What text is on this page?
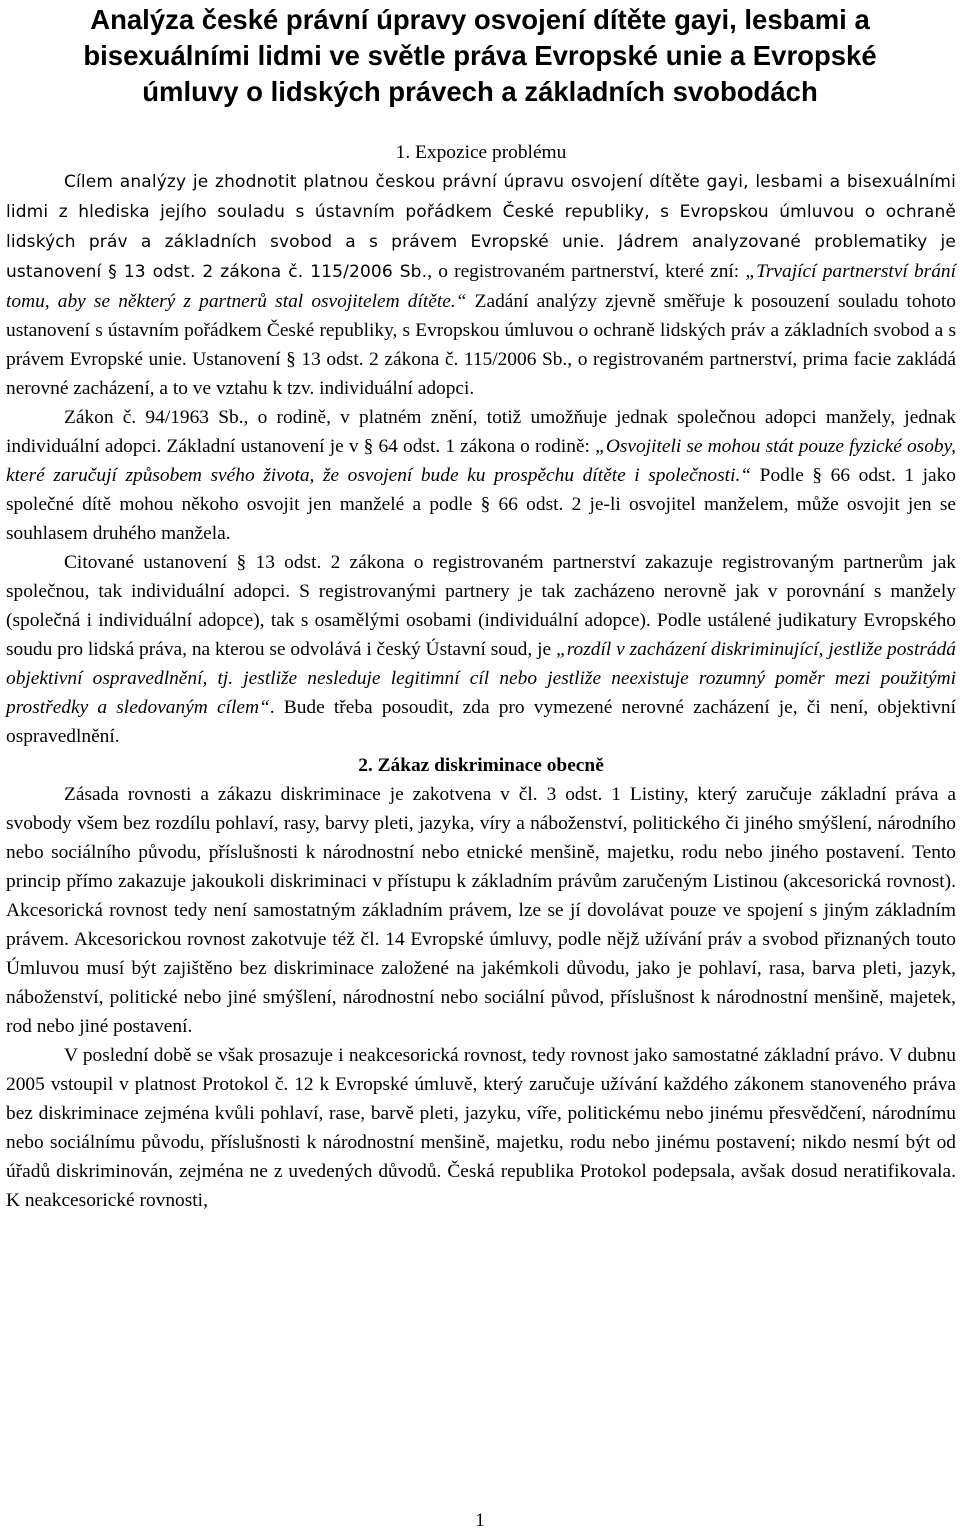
Analýza české právní úpravy osvojení dítěte gayi, lesbami a bisexuálními lidmi ve světle práva Evropské unie a Evropské úmluvy o lidských právech a základních svobodách

1. Expozice problému

Cílem analýzy je zhodnotit platnou českou právní úpravu osvojení dítěte gayi, lesbami a bisexuálními lidmi z hlediska jejího souladu s ústavním pořádkem České republiky, s Evropskou úmluvou o ochraně lidských práv a základních svobod a s právem Evropské unie. Jádrem analyzované problematiky je ustanovení § 13 odst. 2 zákona č. 115/2006 Sb., o registrovaném partnerství, které zní: „Trvající partnerství brání tomu, aby se některý z partnerů stal osvojitelem dítěte.“ Zadání analýzy zjevně směřuje k posouzení souladu tohoto ustanovení s ústavním pořádkem České republiky, s Evropskou úmluvou o ochraně lidských práv a základních svobod a s právem Evropské unie. Ustanovení § 13 odst. 2 zákona č. 115/2006 Sb., o registrovaném partnerství, prima facie zakládá nerovné zacházení, a to ve vztahu k tzv. individuální adopci.

Zákon č. 94/1963 Sb., o rodině, v platném znění, totiž umožňuje jednak společnou adopci manžely, jednak individuální adopci. Základní ustanovení je v § 64 odst. 1 zákona o rodině: „Osvojiteli se mohou stát pouze fyzické osoby, které zaručují způsobem svého života, že osvojení bude ku prospěchu dítěte i společnosti.“ Podle § 66 odst. 1 jako společné dítě mohou někoho osvojit jen manželé a podle § 66 odst. 2 je-li osvojitel manželem, může osvojit jen se souhlasem druhého manžela.

Citované ustanovení § 13 odst. 2 zákona o registrovaném partnerství zakazuje registrovaným partnerům jak společnou, tak individuální adopci. S registrovanými partnery je tak zacházeno nerovně jak v porovnání s manžely (společná i individuální adopce), tak s osamělými osobami (individuální adopce). Podle ustálené judikatury Evropského soudu pro lidská práva, na kterou se odvolává i český Ústavní soud, je „rozdíl v zacházení diskriminující, jestliže postrádá objektivní ospravedlnění, tj. jestliže nesleduje legitimní cíl nebo jestliže neexistuje rozumný poměr mezi použitými prostředky a sledovaným cílem“. Bude třeba posoudit, zda pro vymezené nerovné zacházení je, či není, objektivní ospravedlnění.

2. Zákaz diskriminace obecně

Zásada rovnosti a zákazu diskriminace je zakotvena v čl. 3 odst. 1 Listiny, který zaručuje základní práva a svobody všem bez rozdílu pohlaví, rasy, barvy pleti, jazyka, víry a náboženství, politického či jiného smýšlení, národního nebo sociálního původu, příslušnosti k národnostní nebo etnické menšině, majetku, rodu nebo jiného postavení. Tento princip přímo zakazuje jakoukoli diskriminaci v přístupu k základním právům zaručeným Listinou (akcesorická rovnost). Akcesorická rovnost tedy není samostatným základním právem, lze se jí dovolávat pouze ve spojení s jiným základním právem. Akcesorickou rovnost zakotvuje též čl. 14 Evropské úmluvy, podle nějž užívání práv a svobod přiznaných touto Úmluvou musí být zajištěno bez diskriminace založené na jakémkoli důvodu, jako je pohlaví, rasa, barva pleti, jazyk, náboženství, politické nebo jiné smýšlení, národnostní nebo sociální původ, příslušnost k národnostní menšině, majetek, rod nebo jiné postavení.

V poslední době se však prosazuje i neakcesorická rovnost, tedy rovnost jako samostatné základní právo. V dubnu 2005 vstoupil v platnost Protokol č. 12 k Evropské úmluvě, který zaručuje užívání každého zákonem stanoveného práva bez diskriminace zejména kvůli pohlaví, rase, barvě pleti, jazyku, víře, politickému nebo jinému přesvědčení, národnímu nebo sociálnímu původu, příslušnosti k národnostní menšině, majetku, rodu nebo jinému postavení; nikdo nesmí být od úřadů diskriminován, zejména ne z uvedených důvodů. Česká republika Protokol podepsala, avšak dosud neratifikovala. K neakcesorické rovnosti,

1
